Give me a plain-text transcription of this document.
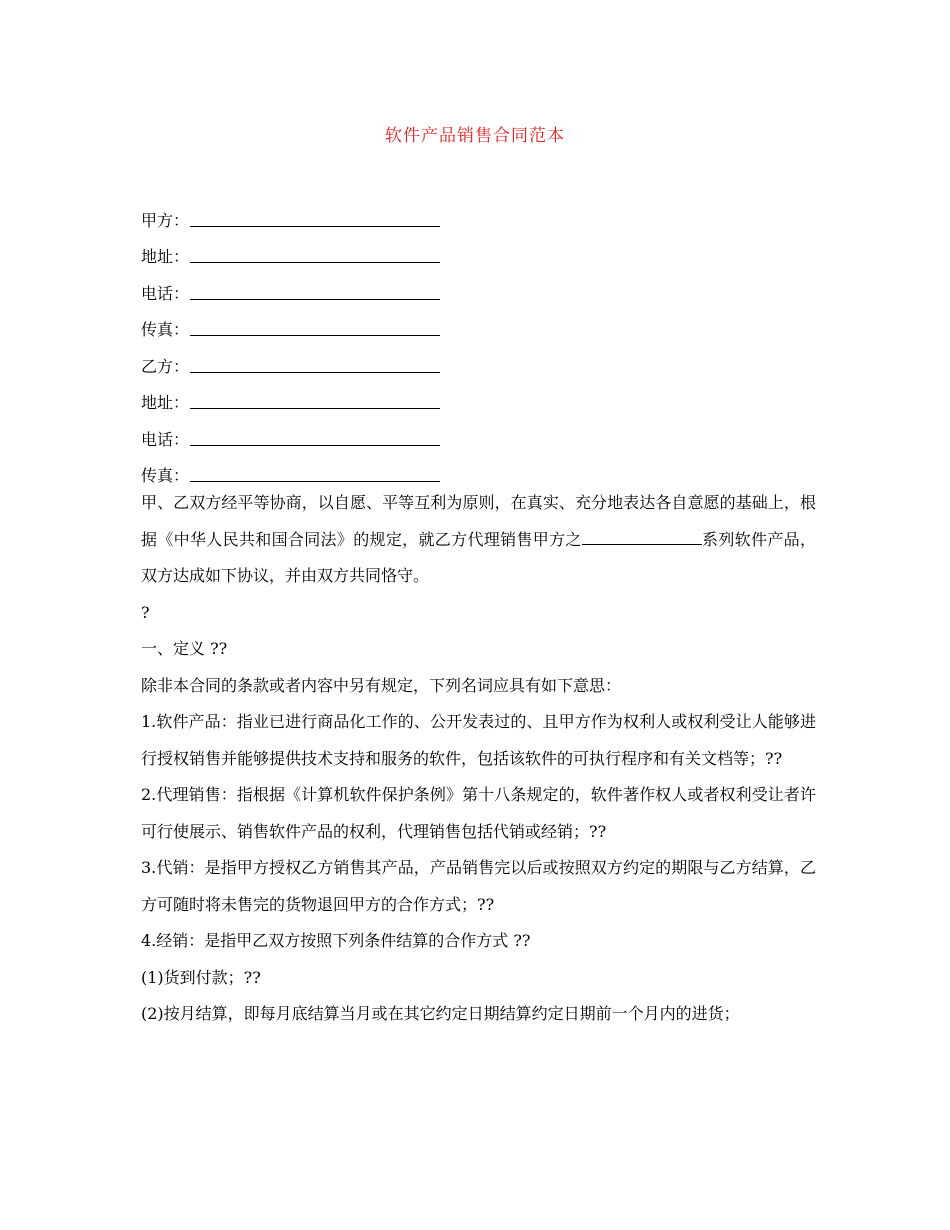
软件产品销售合同范本
甲方：
地址：
电话：
传真：
乙方：
地址：
电话：
传真：

甲、乙双方经平等协商，以自愿、平等互利为原则，在真实、充分地表达各自意愿的基础上，根据《中华人民共和国合同法》的规定，就乙方代理销售甲方之	系列软件产品，双方达成如下协议，并由双方共同恪守。

?

一、定义 ??

除非本合同的条款或者内容中另有规定，下列名词应具有如下意思：

1.软件产品：指业已进行商品化工作的、公开发表过的、且甲方作为权利人或权利受让人能够进行授权销售并能够提供技术支持和服务的软件，包括该软件的可执行程序和有关文档等；??

2.代理销售：指根据《计算机软件保护条例》第十八条规定的，软件著作权人或者权利受让者许可行使展示、销售软件产品的权利，代理销售包括代销或经销；??

3.代销：是指甲方授权乙方销售其产品，产品销售完以后或按照双方约定的期限与乙方结算，乙方可随时将未售完的货物退回甲方的合作方式；??

4.经销：是指甲乙双方按照下列条件结算的合作方式 ??

(1)货到付款；??

(2)按月结算，即每月底结算当月或在其它约定日期结算约定日期前一个月内的进货；
